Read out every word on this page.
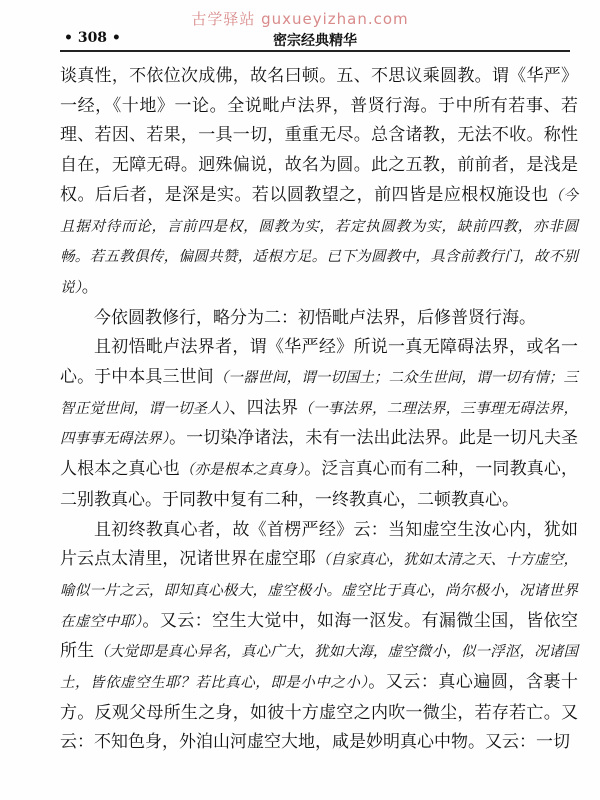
古学驿站 guxueyizhan.com
• 308 •	密宗经典精华

谈真性，不依位次成佛，故名曰顿。五、不思议乘圆教。谓《华严》一经，《十地》一论。全说毗卢法界，普贤行海。于中所有若事、若理、若因、若果，一具一切，重重无尽。总含诸教，无法不收。称性自在，无障无碍。迥殊偏说，故名为圆。此之五教，前前者，是浅是权。后后者，是深是实。若以圆教望之，前四皆是应根权施设也（今且据对待而论，言前四是权，圆教为实，若定执圆教为实，缺前四教，亦非圆畅。若五教俱传，偏圆共赞，适根方足。已下为圆教中，具含前教行门，故不别说）。

今依圆教修行，略分为二：初悟毗卢法界，后修普贤行海。

且初悟毗卢法界者，谓《华严经》所说一真无障碍法界，或名一心。于中本具三世间（一器世间，谓一切国土；二众生世间，谓一切有情；三智正觉世间，谓一切圣人）、四法界（一事法界，二理法界，三事理无碍法界，四事事无碍法界）。一切染净诸法，未有一法出此法界。此是一切凡夫圣人根本之真心也（亦是根本之真身）。泛言真心而有二种，一同教真心，二别教真心。于同教中复有二种，一终教真心，二顿教真心。

且初终教真心者，故《首楞严经》云：当知虚空生汝心内，犹如片云点太清里，况诸世界在虚空耶（自家真心，犹如太清之天、十方虚空，喻似一片之云，即知真心极大，虚空极小。虚空比于真心，尚尔极小，况诸世界在虚空中耶）。又云：空生大觉中，如海一沤发。有漏微尘国，皆依空所生（大觉即是真心异名，真心广大，犹如大海，虚空微小，似一浮沤，况诸国土，皆依虚空生耶？若比真心，即是小中之小）。又云：真心遍圆，含裹十方。反观父母所生之身，如彼十方虚空之内吹一微尘，若存若亡。又云：不知色身，外洎山河虚空大地，咸是妙明真心中物。又云：一切
